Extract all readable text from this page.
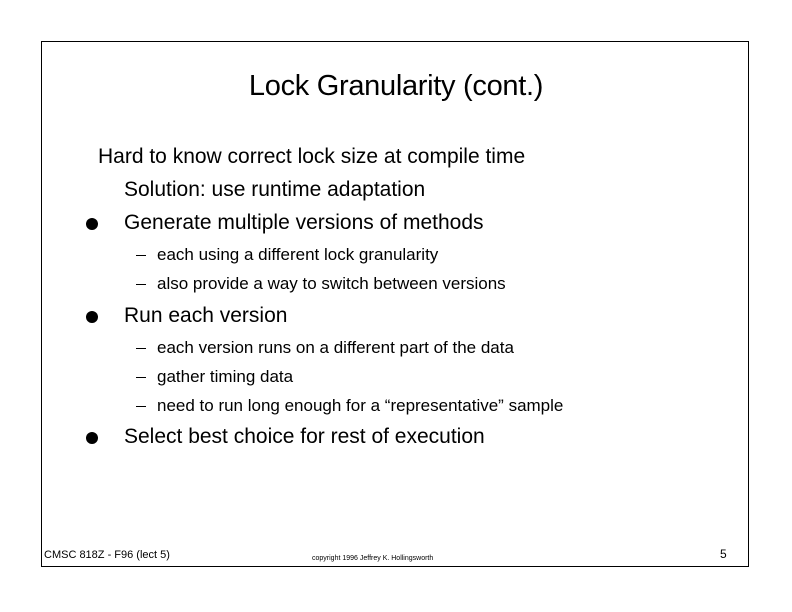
Lock Granularity (cont.)
Hard to know correct lock size at compile time
Solution: use runtime adaptation
Generate multiple versions of methods
each using a different lock granularity
also provide a way to switch between versions
Run each version
each version runs on a different part of the data
gather timing data
need to run long enough for a “representative” sample
Select best choice for rest of execution
CMSC 818Z - F96 (lect 5)	copyright 1996 Jeffrey K. Hollingsworth	5
